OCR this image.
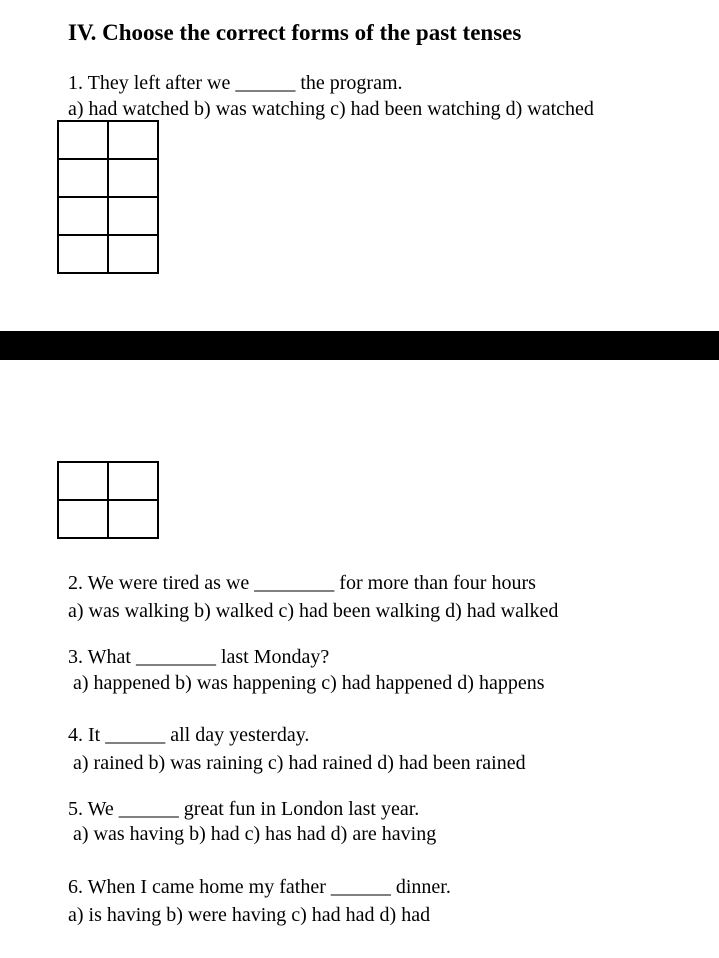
IV. Choose the correct forms of the past tenses
1. They left after we ______ the program.
a) had watched b) was watching c) had been watching d) watched

2. We were tired as we ________ for more than four hours
a) was walking b) walked c) had been walking d) had walked
3. What ________ last Monday?
a) happened b) was happening c) had happened d) happens
4. It ______ all day yesterday.
a) rained b) was raining c) had rained d) had been rained
5. We ______ great fun in London last year.
a) was having b) had c) has had d) are having
6. When I came home my father ______ dinner.
a) is having b) were having c) had had d) had
